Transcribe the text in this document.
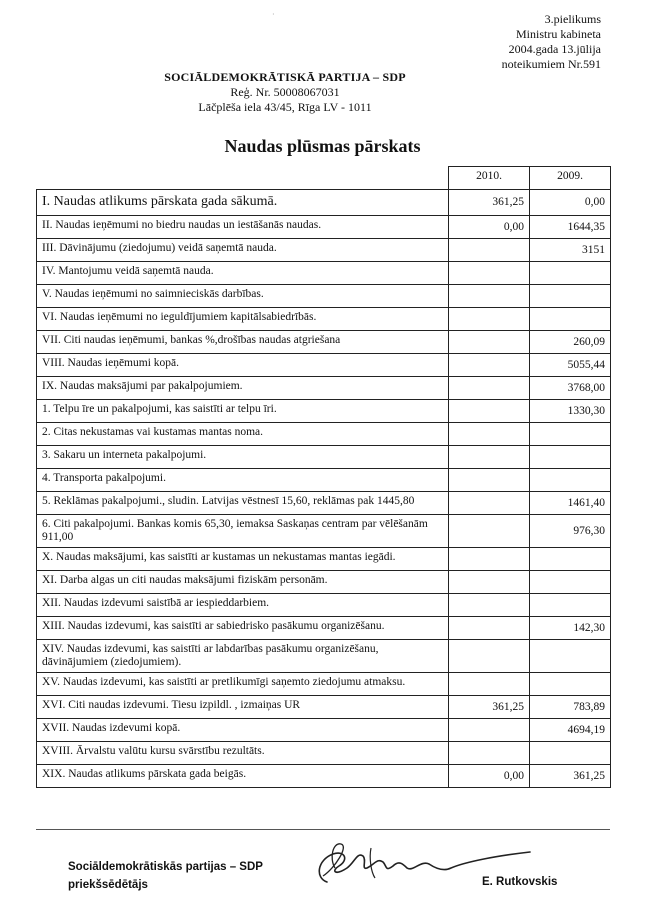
·	3.pielikums
Ministru kabineta
2004.gada 13.jūlija
noteikumiem Nr.591
SOCIĀLDEMOKRĀTISKĀ PARTIJA – SDP
Reģ. Nr. 50008067031
Lāčplēša iela 43/45, Rīga LV - 1011
Naudas plūsmas pārskats
	2010.	2009.
I. Naudas atlikums pārskata gada sākumā.	361,25	0,00
II. Naudas ieņēmumi no biedru naudas un iestāšanās naudas.	0,00	1644,35
III. Dāvinājumu (ziedojumu) veidā saņemtā nauda.		3151
IV. Mantojumu veidā saņemtā nauda.		
V. Naudas ieņēmumi no saimnieciskās darbības.		
VI. Naudas ieņēmumi no ieguldījumiem kapitālsabiedrībās.		
VII. Citi naudas ieņēmumi, bankas %,drošības naudas atgriešana		260,09
VIII. Naudas ieņēmumi kopā.		5055,44
IX. Naudas maksājumi par pakalpojumiem.		3768,00
1. Telpu īre un pakalpojumi, kas saistīti ar telpu īri.		1330,30
2. Citas nekustamas vai kustamas mantas noma.		
3. Sakaru un interneta pakalpojumi.		
4. Transporta pakalpojumi.		
5. Reklāmas pakalpojumi., sludin. Latvijas vēstnesī 15,60, reklāmas pak 1445,80		1461,40
6. Citi pakalpojumi. Bankas komis 65,30, iemaksa Saskaņas centram par vēlēšanām 911,00		976,30
X. Naudas maksājumi, kas saistīti ar kustamas un nekustamas mantas iegādi.		
XI. Darba algas un citi naudas maksājumi fiziskām personām.		
XII. Naudas izdevumi saistībā ar iespieddarbiem.		
XIII. Naudas izdevumi, kas saistīti ar sabiedrisko pasākumu organizēšanu.		142,30
XIV. Naudas izdevumi, kas saistīti ar labdarības pasākumu organizēšanu, dāvinājumiem (ziedojumiem).		
XV. Naudas izdevumi, kas saistīti ar pretlikumīgi saņemto ziedojumu atmaksu.		
XVI. Citi naudas izdevumi. Tiesu izpildl. , izmaiņas UR	361,25	783,89
XVII. Naudas izdevumi kopā.		4694,19
XVIII. Ārvalstu valūtu kursu svārstību rezultāts.		
XIX. Naudas atlikums pārskata gada beigās.	0,00	361,25
Sociāldemokrātiskās partijas – SDP
priekšsēdētājs	E. Rutkovskis
